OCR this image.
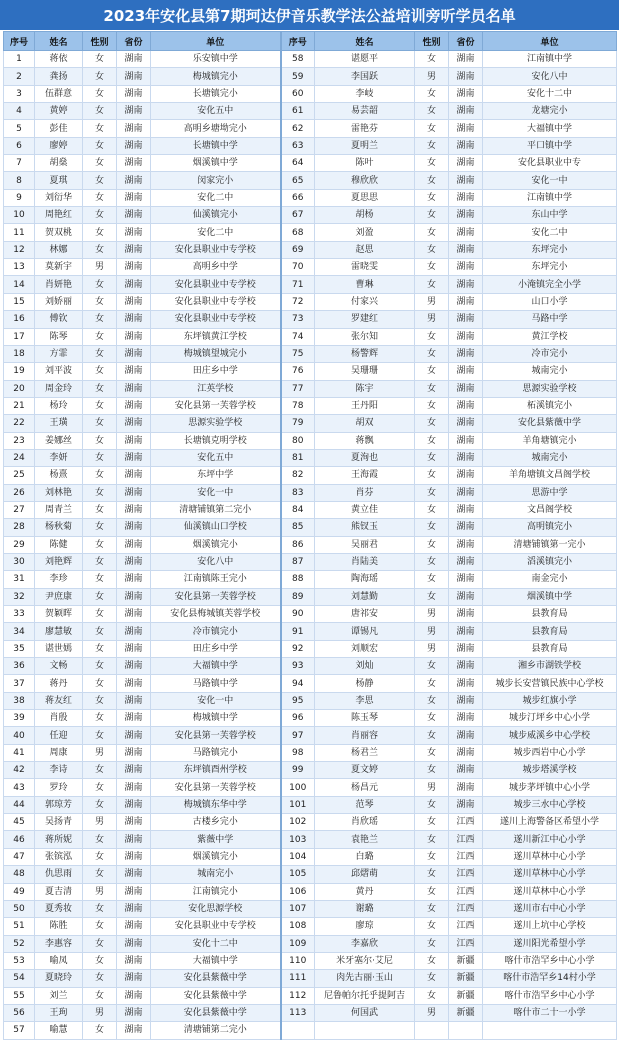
2023年安化县第7期珂达伊音乐教学法公益培训旁听学员名单
序号	姓名	性别	省份	单位	序号	姓名	性别	省份	单位
1	蒋依	女	湖南	乐安镇中学	58	谌愿平	女	湖南	江南镇中学
2	龚扬	女	湖南	梅城镇完小	59	李国跃	男	湖南	安化八中
3	伍群意	女	湖南	长塘镇完小	60	李岐	女	湖南	安化十二中
4	黄婷	女	湖南	安化五中	61	易芸韶	女	湖南	龙塘完小
5	彭佳	女	湖南	高明乡塘坳完小	62	雷艳芬	女	湖南	大福镇中学
6	廖婷	女	湖南	长塘镇中学	63	夏明兰	女	湖南	平口镇中学
7	胡燊	女	湖南	烟溪镇中学	64	陈叶	女	湖南	安化县职业中专
8	夏琪	女	湖南	闵家完小	65	穆欣欣	女	湖南	安化一中
9	刘衍华	女	湖南	安化二中	66	夏思思	女	湖南	江南镇中学
10	周艳红	女	湖南	仙溪镇完小	67	胡杨	女	湖南	东山中学
11	贺双桃	女	湖南	安化二中	68	刘盈	女	湖南	安化二中
12	林娜	女	湖南	安化县职业中专学校	69	赵思	女	湖南	东坪完小
13	莫新宇	男	湖南	高明乡中学	70	雷晓雯	女	湖南	东坪完小
14	肖妍艳	女	湖南	安化县职业中专学校	71	曹琳	女	湖南	小淹镇完全小学
15	刘娇丽	女	湖南	安化县职业中专学校	72	付家兴	男	湖南	山口小学
16	傅钦	女	湖南	安化县职业中专学校	73	罗建红	男	湖南	马路中学
17	陈琴	女	湖南	东坪镇黄江学校	74	张尔知	女	湖南	黄江学校
18	方霏	女	湖南	梅城镇望城完小	75	杨警辉	女	湖南	冷市完小
19	刘平波	女	湖南	田庄乡中学	76	吴珊珊	女	湖南	城南完小
20	周金玲	女	湖南	江英学校	77	陈宇	女	湖南	思源实验学校
21	杨玲	女	湖南	安化县第一芙蓉学校	78	王丹阳	女	湖南	柘溪镇完小
22	王璜	女	湖南	思源实验学校	79	胡双	女	湖南	安化县紫薇中学
23	姜娜丝	女	湖南	长塘镇克明学校	80	蒋飘	女	湖南	羊角塘镇完小
24	李妍	女	湖南	安化五中	81	夏洵也	女	湖南	城南完小
25	杨熹	女	湖南	东坪中学	82	王海霞	女	湖南	羊角塘镇文昌阁学校
26	刘林艳	女	湖南	安化一中	83	肖芬	女	湖南	思游中学
27	周青兰	女	湖南	清塘铺镇第二完小	84	黄立佳	女	湖南	文昌阁学校
28	杨秋菊	女	湖南	仙溪镇山口学校	85	熊钗玉	女	湖南	高明镇完小
29	陈健	女	湖南	烟溪镇完小	86	吴丽君	女	湖南	清塘铺镇第一完小
30	刘艳辉	女	湖南	安化八中	87	肖陆美	女	湖南	滔溪镇完小
31	李珍	女	湖南	江南镇陈王完小	88	陶海瑶	女	湖南	南金完小
32	尹庶康	女	湖南	安化县第一芙蓉学校	89	刘慧勤	女	湖南	烟溪镇中学
33	贺颖晖	女	湖南	安化县梅城镇芙蓉学校	90	唐祁安	男	湖南	县教育局
34	廖慧敏	女	湖南	冷市镇完小	91	谭锡凡	男	湖南	县教育局
35	谌世嫣	女	湖南	田庄乡中学	92	刘顺宏	男	湖南	县教育局
36	文畅	女	湖南	大福镇中学	93	刘灿	女	湖南	湘乡市湖铁学校
37	蒋丹	女	湖南	马路镇中学	94	杨静	女	湖南	城步长安营镇民族中心学校
38	蒋友红	女	湖南	安化一中	95	李思	女	湖南	城步红旗小学
39	肖殷	女	湖南	梅城镇中学	96	陈玉琴	女	湖南	城步汀坪乡中心小学
40	任迎	女	湖南	安化县第一芙蓉学校	97	肖丽容	女	湖南	城步威溪乡中心学校
41	周康	男	湖南	马路镇完小	98	杨君兰	女	湖南	城步西岩中心小学
42	李诗	女	湖南	东坪镇酉州学校	99	夏文婷	女	湖南	城步塔溪学校
43	罗玲	女	湖南	安化县第一芙蓉学校	100	杨昌元	男	湖南	城步茅坪镇中心小学
44	郭琼芳	女	湖南	梅城镇东华中学	101	范琴	女	湖南	城步三水中心学校
45	吴扬青	男	湖南	古楼乡完小	102	肖欣瑶	女	江西	遂川上海警备区希望小学
46	蒋所妮	女	湖南	紫薇中学	103	袁艳兰	女	江西	遂川新江中心小学
47	张镔泓	女	湖南	烟溪镇完小	104	白璐	女	江西	遂川草林中心小学
48	仇思雨	女	湖南	城南完小	105	邱熠萌	女	江西	遂川草林中心小学
49	夏吉清	男	湖南	江南镇完小	106	黄丹	女	江西	遂川草林中心小学
50	夏秀妆	女	湖南	安化思源学校	107	谢璐	女	江西	遂川市右中心小学
51	陈胜	女	湖南	安化县职业中专学校	108	廖琼	女	江西	遂川上坑中心学校
52	李惠容	女	湖南	安化十二中	109	李嘉欣	女	江西	遂川阳光希望小学
53	喻凤	女	湖南	大福镇中学	110	米牙塞尔·艾尼	女	新疆	喀什市浩罕乡中心小学
54	夏晓玲	女	湖南	安化县紫薇中学	111	肉先古丽·玉山	女	新疆	喀什市浩罕乡14村小学
55	刘兰	女	湖南	安化县紫薇中学	112	尼鲁帕尔托乎提阿吉	女	新疆	喀什市浩罕乡中心小学
56	王珣	男	湖南	安化县紫薇中学	113	何国武	男	新疆	喀什市二十一小学
57	喻慧	女	湖南	清塘铺第二完小					
